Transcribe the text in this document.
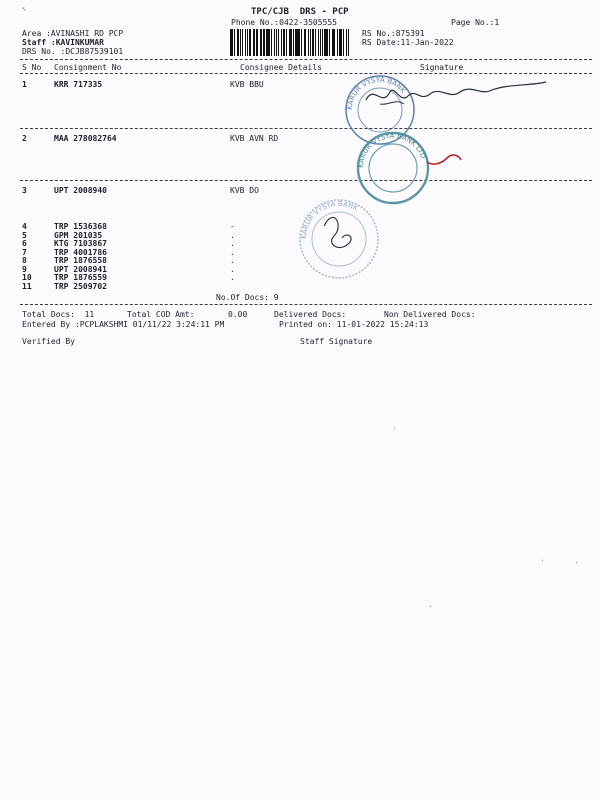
↖	TPC/CJB  DRS - PCP
Phone No.:0422-3505555	Page No.:1
Area :AVINASHI RD PCP
Staff :KAVINKUMAR
DRS No. :DCJB87539101
RS No.:875391
RS Date:11-Jan-2022
S No Consignment No	Consignee Details	Signature
1	KRR 717335	KVB BBU
2	MAA 278082764	KVB AVN RD
3	UPT 2008940	KVB DO
4	TRP 1536368	-
5	GPM 201035	.
6	KTG 7103867	.
7	TRP 4001786	.
8	TRP 1876558	.
9	UPT 2008941	.
10	TRP 1876559	.
11	TRP 2509702
No.Of Docs: 9
Total Docs:  11	Total COD Amt:	0.00	Delivered Docs:	Non Delivered Docs:
Entered By :PCPLAKSHMI 01/11/22 3:24:11 PM	Printed on: 11-01-2022 15:24:13
Verified By	Staff Signature
KARUR VYSYA BANK
KARUR VYSYA BANK LTD
KARUR VYSYA BANK
·	·
·
·
